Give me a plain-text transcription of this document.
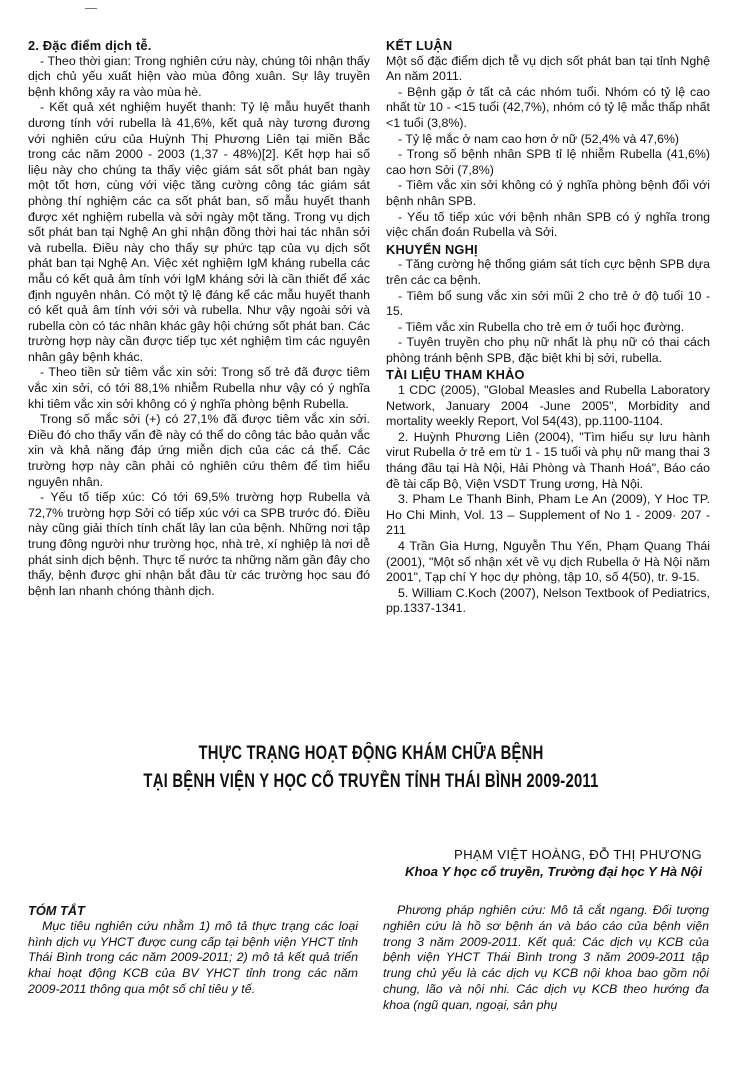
2. Đặc điểm dịch tễ.

- Theo thời gian: Trong nghiên cứu này, chúng tôi nhận thấy dịch chủ yếu xuất hiện vào mùa đông xuân. Sự lây truyền bệnh không xảy ra vào mùa hè.

- Kết quả xét nghiệm huyết thanh: Tỷ lệ mẫu huyết thanh dương tính với rubella là 41,6%, kết quả này tương đương với nghiên cứu của Huỳnh Thị Phương Liên tại miền Bắc trong các năm 2000 - 2003 (1,37 - 48%)[2]. Kết hợp hai số liệu này cho chúng ta thấy việc giám sát sốt phát ban ngày một tốt hơn, cùng với việc tăng cường công tác giám sát phòng thí nghiệm các ca sốt phát ban, số mẫu huyết thanh được xét nghiệm rubella và sởi ngày một tăng. Trong vụ dịch sốt phát ban tại Nghệ An ghi nhận đồng thời hai tác nhân sởi và rubella. Điều này cho thấy sự phức tạp của vụ dịch sốt phát ban tại Nghệ An. Việc xét nghiệm IgM kháng rubella các mẫu có kết quả âm tính với IgM kháng sởi là cần thiết để xác định nguyên nhân. Có một tỷ lệ đáng kể các mẫu huyết thanh có kết quả âm tính với sởi và rubella. Như vậy ngoài sởi và rubella còn có tác nhân khác gây hội chứng sốt phát ban. Các trường hợp này cần được tiếp tục xét nghiệm tìm các nguyên nhân gây bệnh khác.

- Theo tiền sử tiêm vắc xin sởi: Trong số trẻ đã được tiêm vắc xin sởi, có tới 88,1% nhiễm Rubella như vậy có ý nghĩa khi tiêm vắc xin sởi không có ý nghĩa phòng bệnh Rubella.

Trong số mắc sởi (+) có 27,1% đã được tiêm vắc xin sởi. Điều đó cho thấy vấn đề này có thể do công tác bảo quản vắc xin và khả năng đáp ứng miễn dịch của các cá thể. Các trường hợp này cần phải có nghiên cứu thêm để tìm hiểu nguyên nhân.

- Yếu tố tiếp xúc: Có tới 69,5% trường hợp Rubella và 72,7% trường hợp Sởi có tiếp xúc với ca SPB trước đó. Điều này cũng giải thích tính chất lây lan của bệnh. Những nơi tập trung đông người như trường học, nhà trẻ, xí nghiệp là nơi dễ phát sinh dịch bệnh. Thực tế nước ta những năm gần đây cho thấy, bệnh được ghi nhận bắt đầu từ các trường học sau đó bệnh lan nhanh chóng thành dịch.

KẾT LUẬN

Một số đặc điểm dịch tễ vụ dịch sốt phát ban tại tỉnh Nghệ An năm 2011.

- Bệnh gặp ở tất cả các nhóm tuổi. Nhóm có tỷ lệ cao nhất từ 10 - <15 tuổi (42,7%), nhóm có tỷ lệ mắc thấp nhất <1 tuổi (3,8%).

- Tỷ lệ mắc ở nam cao hơn ở nữ (52,4% và 47,6%)

- Trong số bệnh nhân SPB tỉ lệ nhiễm Rubella (41,6%) cao hơn Sởi (7,8%)

- Tiêm vắc xin sởi không có ý nghĩa phòng bệnh đối với bệnh nhân SPB.

- Yếu tố tiếp xúc với bệnh nhân SPB có ý nghĩa trong việc chẩn đoán Rubella và Sởi.

KHUYẾN NGHỊ

- Tăng cường hệ thống giám sát tích cực bệnh SPB dựa trên các ca bệnh.

- Tiêm bổ sung vắc xin sởi mũi 2 cho trẻ ở độ tuổi 10 - 15.

- Tiêm vắc xin Rubella cho trẻ em ở tuổi học đường.

- Tuyên truyền cho phụ nữ nhất là phụ nữ có thai cách phòng tránh bệnh SPB, đặc biệt khi bị sởi, rubella.

TÀI LIỆU THAM KHẢO

1 CDC (2005), "Global Measles and Rubella Laboratory Network, January 2004 -June 2005", Morbidity and mortality weekly Report, Vol 54(43), pp.1100-1104.

2. Huỳnh Phương Liên (2004), "Tìm hiểu sự lưu hành virut Rubella ở trẻ em từ 1 - 15 tuổi và phụ nữ mang thai 3 tháng đầu tại Hà Nội, Hải Phòng và Thanh Hoá", Báo cáo đề tài cấp Bộ, Viện VSDT Trung ương, Hà Nội.

3. Pham Le Thanh Binh, Pham Le An (2009), Y Hoc TP. Ho Chi Minh, Vol. 13 – Supplement of No 1 - 2009· 207 - 211

4 Trần Gia Hưng, Nguyễn Thu Yến, Phạm Quang Thái (2001), "Một số nhận xét về vụ dịch Rubella ở Hà Nội năm 2001", Tạp chí Y học dự phòng, tập 10, số 4(50), tr. 9-15.

5. William C.Koch (2007), Nelson Textbook of Pediatrics, pp.1337-1341.

THỰC TRẠNG HOẠT ĐỘNG KHÁM CHỮA BỆNH
TẠI BỆNH VIỆN Y HỌC CỔ TRUYỀN TỈNH THÁI BÌNH 2009-2011
PHẠM VIỆT HOÀNG, ĐỖ THỊ PHƯƠNG
Khoa Y học cổ truyền, Trường đại học Y Hà Nội

TÓM TẮT

Mục tiêu nghiên cứu nhằm 1) mô tả thực trạng các loại hình dịch vụ YHCT được cung cấp tại bệnh viện YHCT tỉnh Thái Bình trong các năm 2009-2011; 2) mô tả kết quả triển khai hoạt động KCB của BV YHCT tỉnh trong các năm 2009-2011 thông qua một số chỉ tiêu y tế.

Phương pháp nghiên cứu: Mô tả cắt ngang. Đối tượng nghiên cứu là hồ sơ bệnh án và báo cáo của bệnh viện trong 3 năm 2009-2011. Kết quả: Các dịch vụ KCB của bệnh viện YHCT Thái Bình trong 3 năm 2009-2011 tập trung chủ yếu là các dịch vụ KCB nội khoa bao gồm nội chung, lão và nội nhi. Các dịch vụ KCB theo hướng đa khoa (ngũ quan, ngoại, sản phụ
